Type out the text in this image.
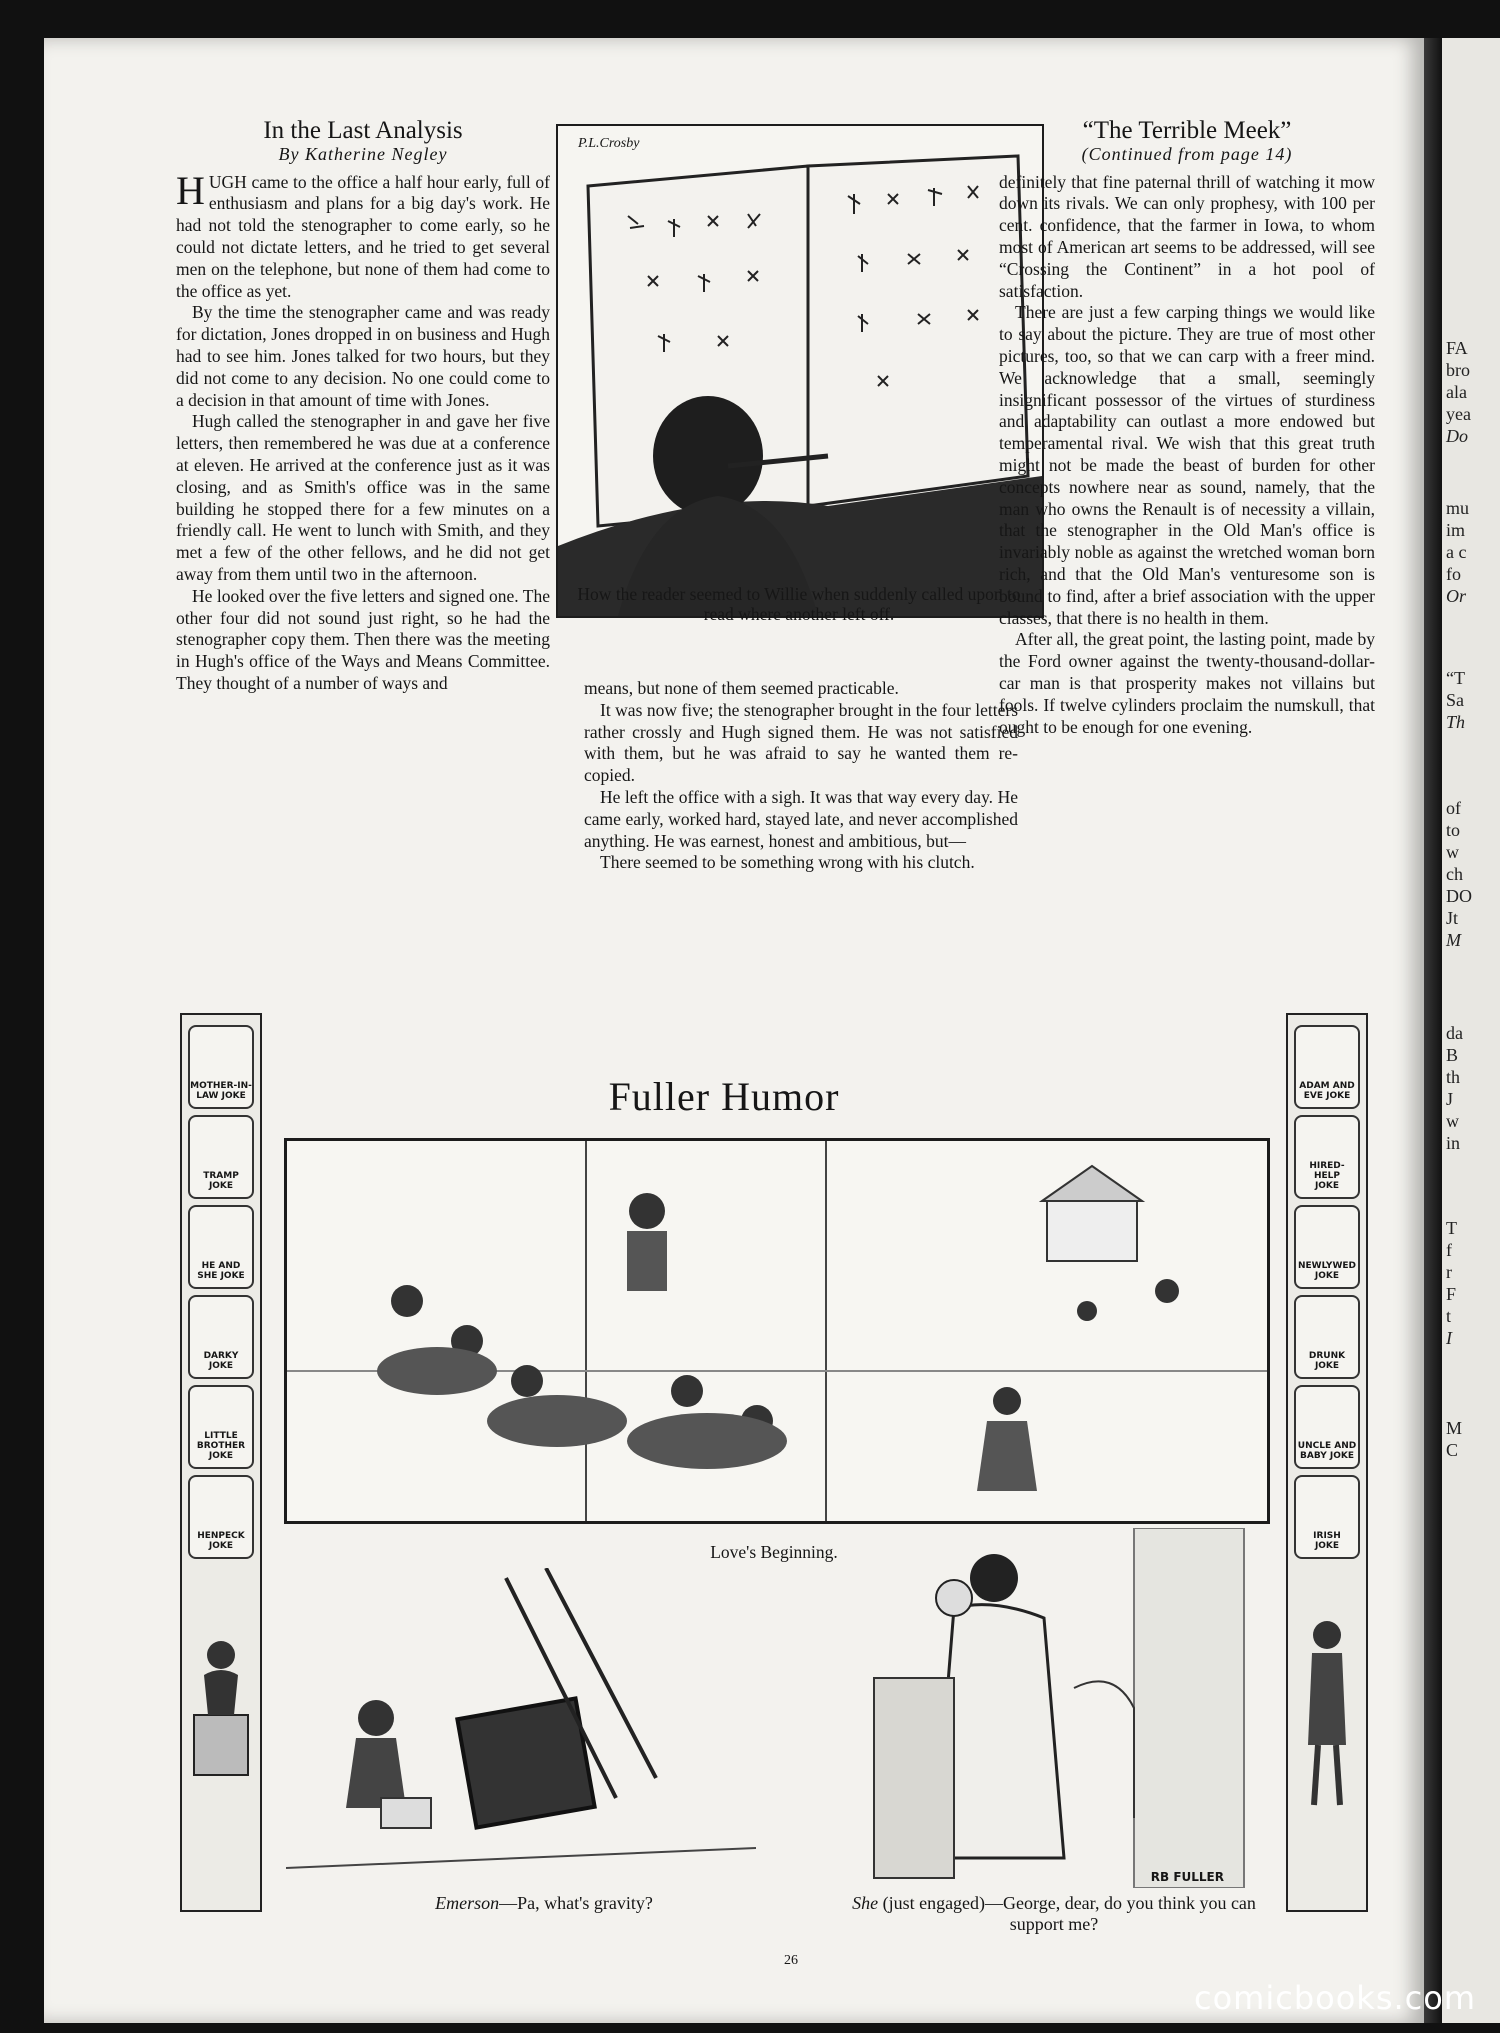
In the Last Analysis
By Katherine Negley

HUGH came to the office a half hour early, full of enthusiasm and plans for a big day's work. He had not told the stenographer to come early, so he could not dictate letters, and he tried to get several men on the telephone, but none of them had come to the office as yet.

By the time the stenographer came and was ready for dictation, Jones dropped in on business and Hugh had to see him. Jones talked for two hours, but they did not come to any decision. No one could come to a decision in that amount of time with Jones.

Hugh called the stenographer in and gave her five letters, then remembered he was due at a conference at eleven. He arrived at the conference just as it was closing, and as Smith's office was in the same building he stopped there for a few minutes on a friendly call. He went to lunch with Smith, and they met a few of the other fellows, and he did not get away from them until two in the afternoon.

He looked over the five letters and signed one. The other four did not sound just right, so he had the stenographer copy them. Then there was the meeting in Hugh's office of the Ways and Means Committee. They thought of a number of ways and

P.L.Crosby
How the reader seemed to Willie when suddenly called upon to read where another left off.

means, but none of them seemed practicable.

It was now five; the stenographer brought in the four letters rather crossly and Hugh signed them. He was not satisfied with them, but he was afraid to say he wanted them re-copied.

He left the office with a sigh. It was that way every day. He came early, worked hard, stayed late, and never accomplished anything. He was earnest, honest and ambitious, but—

There seemed to be something wrong with his clutch.

“The Terrible Meek”
(Continued from page 14)

definitely that fine paternal thrill of watching it mow down its rivals. We can only prophesy, with 100 per cent. confidence, that the farmer in Iowa, to whom most of American art seems to be addressed, will see “Crossing the Continent” in a hot pool of satisfaction.

There are just a few carping things we would like to say about the picture. They are true of most other pictures, too, so that we can carp with a freer mind. We acknowledge that a small, seemingly insignificant possessor of the virtues of sturdiness and adaptability can outlast a more endowed but temperamental rival. We wish that this great truth might not be made the beast of burden for other concepts nowhere near as sound, namely, that the man who owns the Renault is of necessity a villain, that the stenographer in the Old Man's office is invariably noble as against the wretched woman born rich, and that the Old Man's venturesome son is bound to find, after a brief association with the upper classes, that there is no health in them.

After all, the great point, the lasting point, made by the Ford owner against the twenty-thousand-dollar-car man is that prosperity makes not villains but fools. If twelve cylinders proclaim the numskull, that ought to be enough for one evening.

Fuller Humor
MOTHER-IN-
LAW JOKE
TRAMP
JOKE
HE AND
SHE JOKE
DARKY
JOKE
LITTLE
BROTHER
JOKE
HENPECK
JOKE
ADAM AND
EVE JOKE
HIRED-
HELP
JOKE
NEWLYWED
JOKE
DRUNK
JOKE
UNCLE AND
BABY JOKE
IRISH
JOKE
Love's Beginning.
Emerson—Pa, what's gravity?
RB FULLER
She (just engaged)—George, dear, do you think you can support me?
26
FA
bro
ala
yea
Do
mu
im
a c
fo
Or
“T
Sa
Th
of
to
w
ch
DO
Jt
M
da
B
th
J
w
in
T
f
r
F
t
I
M
C
comicbooks.com
